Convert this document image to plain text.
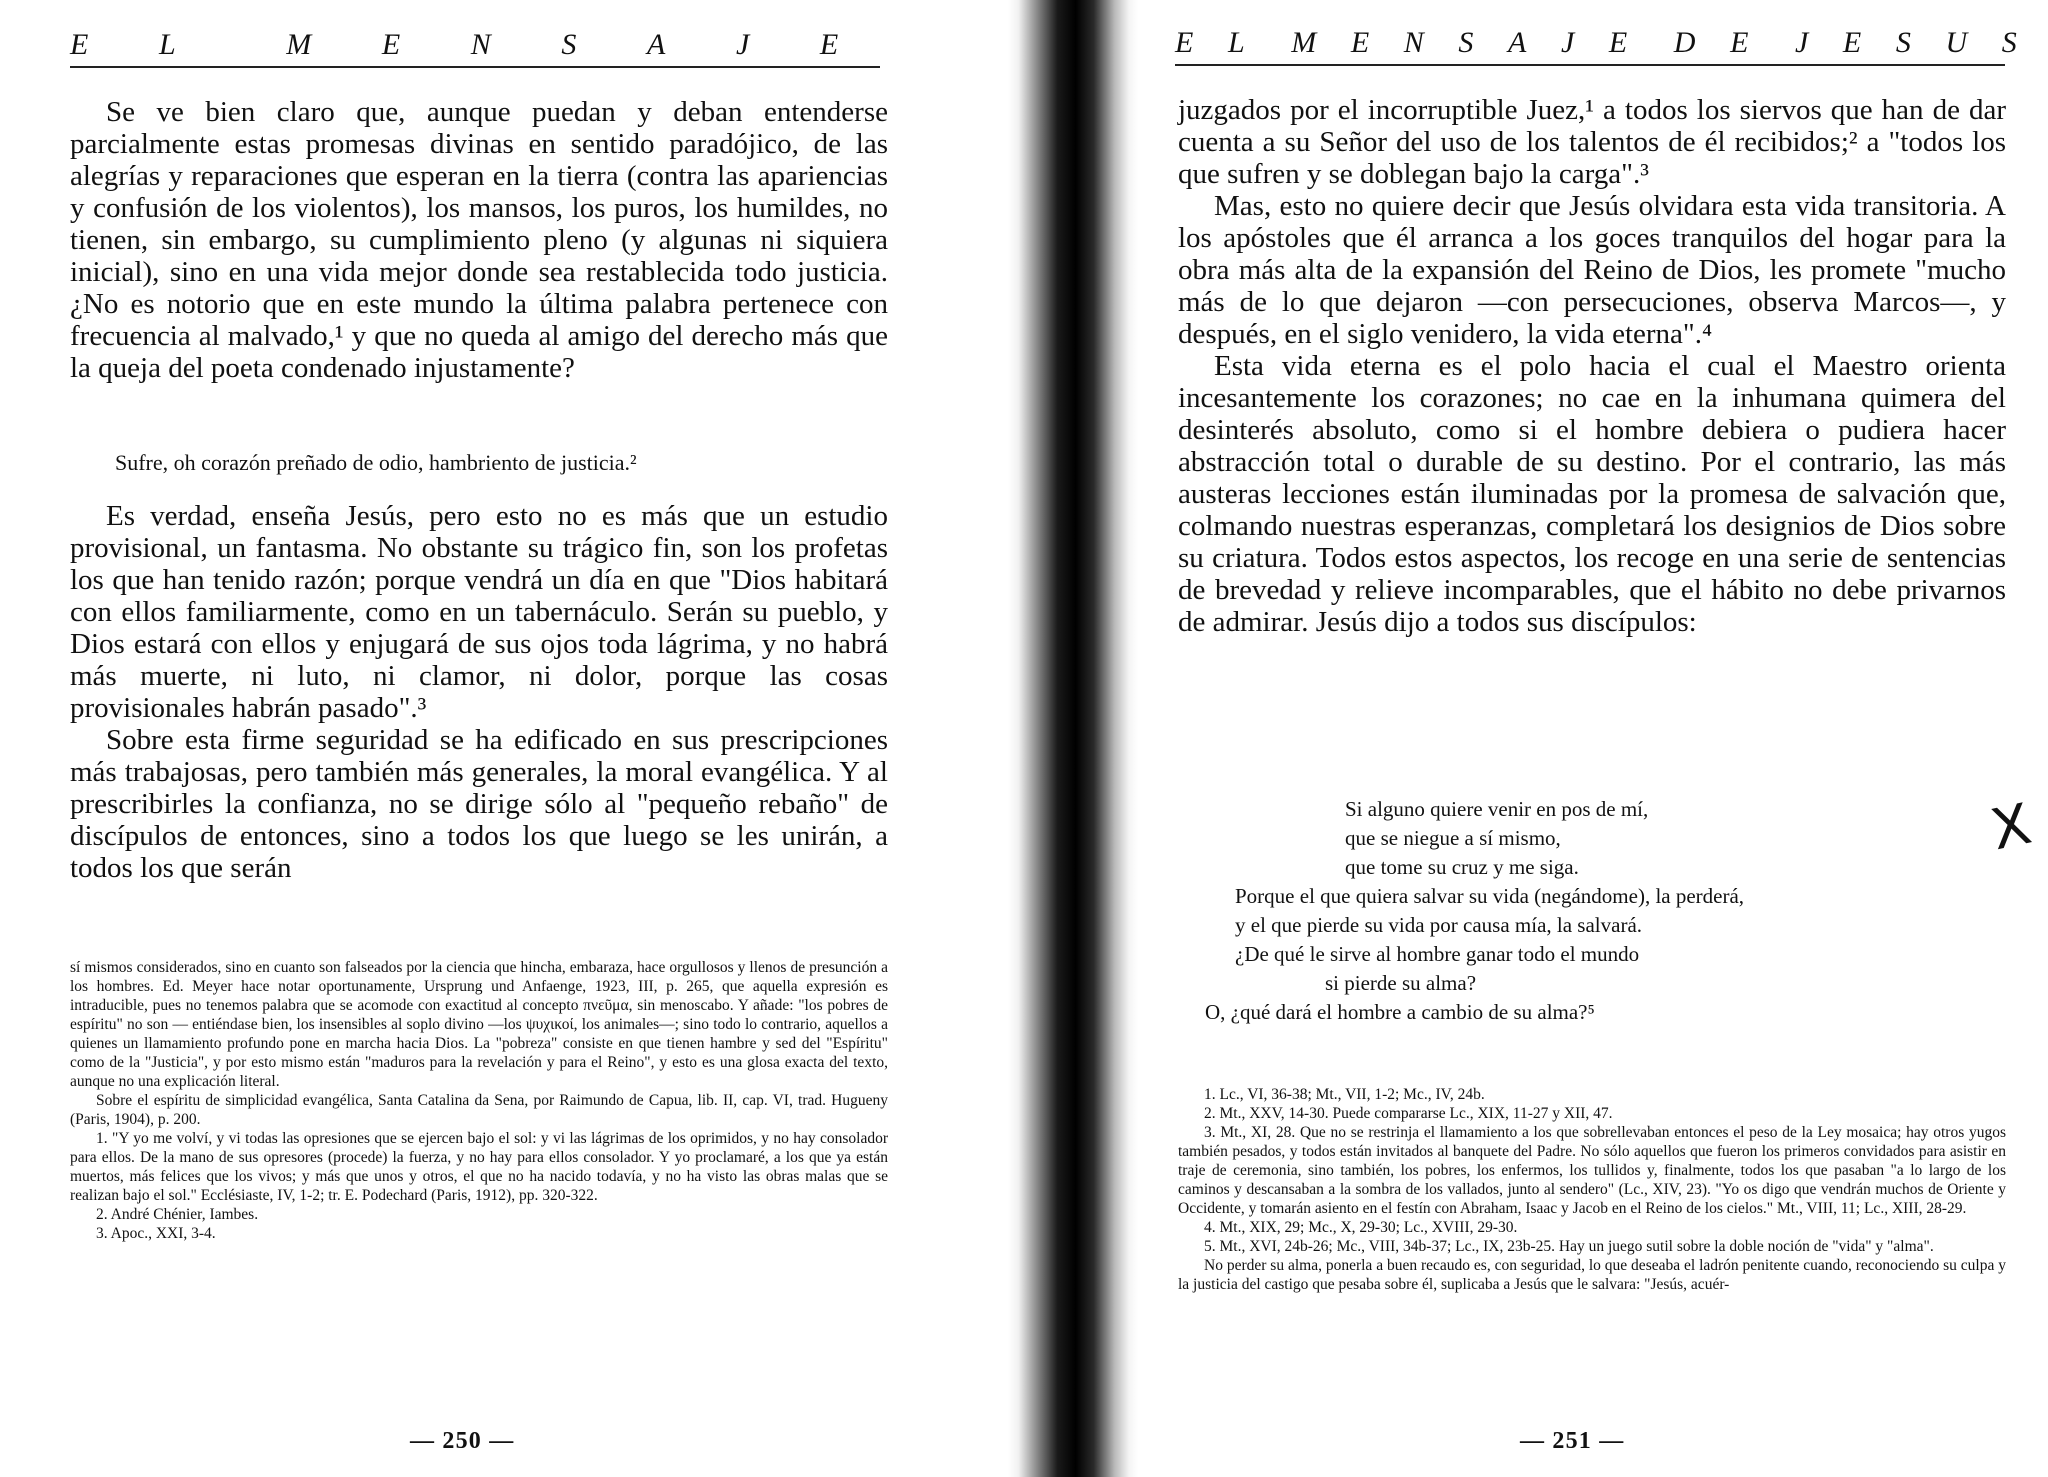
E L	M E N S A J E

Se ve bien claro que, aunque puedan y deban entenderse parcialmente estas promesas divinas en sentido paradójico, de las alegrías y reparaciones que esperan en la tierra (contra las apariencias y confusión de los violentos), los mansos, los puros, los humildes, no tienen, sin embargo, su cumplimiento pleno (y algunas ni siquiera inicial), sino en una vida mejor donde sea restablecida todo justicia. ¿No es notorio que en este mundo la última palabra pertenece con frecuencia al malvado,¹ y que no queda al amigo del derecho más que la queja del poeta condenado injustamente?

Sufre, oh corazón preñado de odio, hambriento de justicia.²

Es verdad, enseña Jesús, pero esto no es más que un estudio provisional, un fantasma. No obstante su trágico fin, son los profetas los que han tenido razón; porque vendrá un día en que "Dios habitará con ellos familiarmente, como en un tabernáculo. Serán su pueblo, y Dios estará con ellos y enjugará de sus ojos toda lágrima, y no habrá más muerte, ni luto, ni clamor, ni dolor, porque las cosas provisionales habrán pasado".³

Sobre esta firme seguridad se ha edificado en sus prescripciones más trabajosas, pero también más generales, la moral evangélica. Y al prescribirles la confianza, no se dirige sólo al "pequeño rebaño" de discípulos de entonces, sino a todos los que luego se les unirán, a todos los que serán

sí mismos considerados, sino en cuanto son falseados por la ciencia que hincha, embaraza, hace orgullosos y llenos de presunción a los hombres. Ed. Meyer hace notar oportunamente, Ursprung und Anfaenge, 1923, III, p. 265, que aquella expresión es intraducible, pues no tenemos palabra que se acomode con exactitud al concepto πνεῦμα, sin menoscabo. Y añade: "los pobres de espíritu" no son — entiéndase bien, los insensibles al soplo divino —los ψυχικοί, los animales—; sino todo lo contrario, aquellos a quienes un llamamiento profundo pone en marcha hacia Dios. La "pobreza" consiste en que tienen hambre y sed del "Espíritu" como de la "Justicia", y por esto mismo están "maduros para la revelación y para el Reino", y esto es una glosa exacta del texto, aunque no una explicación literal.

Sobre el espíritu de simplicidad evangélica, Santa Catalina da Sena, por Raimundo de Capua, lib. II, cap. VI, trad. Hugueny (Paris, 1904), p. 200.

1. "Y yo me volví, y vi todas las opresiones que se ejercen bajo el sol: y vi las lágrimas de los oprimidos, y no hay consolador para ellos. De la mano de sus opresores (procede) la fuerza, y no hay para ellos consolador. Y yo proclamaré, a los que ya están muertos, más felices que los vivos; y más que unos y otros, el que no ha nacido todavía, y no ha visto las obras malas que se realizan bajo el sol." Ecclésiaste, IV, 1-2; tr. E. Podechard (Paris, 1912), pp. 320-322.

2. André Chénier, Iambes.

3. Apoc., XXI, 3-4.

— 250 —
E L M E N S A J E D E J E S U S

juzgados por el incorruptible Juez,¹ a todos los siervos que han de dar cuenta a su Señor del uso de los talentos de él recibidos;² a "todos los que sufren y se doblegan bajo la carga".³

Mas, esto no quiere decir que Jesús olvidara esta vida transitoria. A los apóstoles que él arranca a los goces tranquilos del hogar para la obra más alta de la expansión del Reino de Dios, les promete "mucho más de lo que dejaron —con persecuciones, observa Marcos—, y después, en el siglo venidero, la vida eterna".⁴

Esta vida eterna es el polo hacia el cual el Maestro orienta incesantemente los corazones; no cae en la inhumana quimera del desinterés absoluto, como si el hombre debiera o pudiera hacer abstracción total o durable de su destino. Por el contrario, las más austeras lecciones están iluminadas por la promesa de salvación que, colmando nuestras esperanzas, completará los designios de Dios sobre su criatura. Todos estos aspectos, los recoge en una serie de sentencias de brevedad y relieve incomparables, que el hábito no debe privarnos de admirar. Jesús dijo a todos sus discípulos:

Si alguno quiere venir en pos de mí,
que se niegue a sí mismo,
que tome su cruz y me siga.
Porque el que quiera salvar su vida (negándome), la perderá,
y el que pierde su vida por causa mía, la salvará.
¿De qué le sirve al hombre ganar todo el mundo
si pierde su alma?
O, ¿qué dará el hombre a cambio de su alma?⁵

1. Lc., VI, 36-38; Mt., VII, 1-2; Mc., IV, 24b.

2. Mt., XXV, 14-30. Puede compararse Lc., XIX, 11-27 y XII, 47.

3. Mt., XI, 28. Que no se restrinja el llamamiento a los que sobrellevaban entonces el peso de la Ley mosaica; hay otros yugos también pesados, y todos están invitados al banquete del Padre. No sólo aquellos que fueron los primeros convidados para asistir en traje de ceremonia, sino también, los pobres, los enfermos, los tullidos y, finalmente, todos los que pasaban "a lo largo de los caminos y descansaban a la sombra de los vallados, junto al sendero" (Lc., XIV, 23). "Yo os digo que vendrán muchos de Oriente y Occidente, y tomarán asiento en el festín con Abraham, Isaac y Jacob en el Reino de los cielos." Mt., VIII, 11; Lc., XIII, 28-29.

4. Mt., XIX, 29; Mc., X, 29-30; Lc., XVIII, 29-30.

5. Mt., XVI, 24b-26; Mc., VIII, 34b-37; Lc., IX, 23b-25. Hay un juego sutil sobre la doble noción de "vida" y "alma".

No perder su alma, ponerla a buen recaudo es, con seguridad, lo que deseaba el ladrón penitente cuando, reconociendo su culpa y la justicia del castigo que pesaba sobre él, suplicaba a Jesús que le salvara: "Jesús, acuér-

— 251 —
X
